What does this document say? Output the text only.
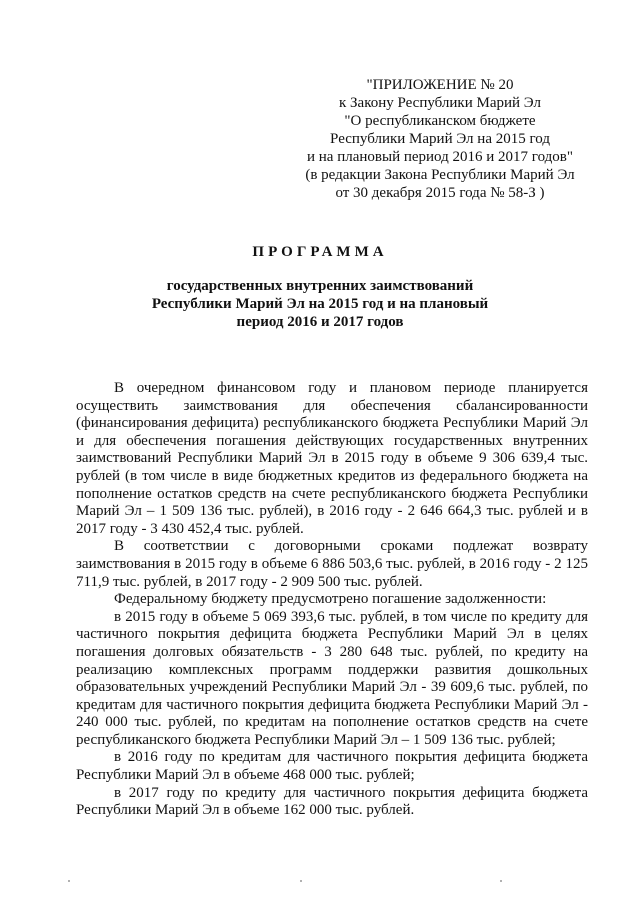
"ПРИЛОЖЕНИЕ № 20
к Закону Республики Марий Эл
"О республиканском бюджете
Республики Марий Эл на 2015 год
и на плановый период 2016 и 2017 годов"
(в редакции Закона Республики Марий Эл
от 30 декабря 2015 года № 58-З )
ПРОГРАММА
государственных внутренних заимствований
Республики Марий Эл на 2015 год и на плановый
период 2016 и 2017 годов

В очередном финансовом году и плановом периоде планируется осуществить заимствования для обеспечения сбалансированности (финансирования дефицита) республиканского бюджета Республики Марий Эл и для обеспечения погашения действующих государственных внутренних заимствований Республики Марий Эл в 2015 году в объеме 9 306 639,4 тыс. рублей (в том числе в виде бюджетных кредитов из федерального бюджета на пополнение остатков средств на счете республиканского бюджета Республики Марий Эл – 1 509 136 тыс. рублей), в 2016 году - 2 646 664,3 тыс. рублей и в 2017 году - 3 430 452,4 тыс. рублей.

В соответствии с договорными сроками подлежат возврату заимствования в 2015 году в объеме 6 886 503,6 тыс. рублей, в 2016 году - 2 125 711,9 тыс. рублей, в 2017 году - 2 909 500 тыс. рублей.

Федеральному бюджету предусмотрено погашение задолженности:

в 2015 году в объеме 5 069 393,6 тыс. рублей, в том числе по кредиту для частичного покрытия дефицита бюджета Республики Марий Эл в целях погашения долговых обязательств - 3 280 648 тыс. рублей, по кредиту на реализацию комплексных программ поддержки развития дошкольных образовательных учреждений Республики Марий Эл - 39 609,6 тыс. рублей, по кредитам для частичного покрытия дефицита бюджета Республики Марий Эл - 240 000 тыс. рублей, по кредитам на пополнение остатков средств на счете республиканского бюджета Республики Марий Эл – 1 509 136 тыс. рублей;

в 2016 году по кредитам для частичного покрытия дефицита бюджета Республики Марий Эл в объеме 468 000 тыс. рублей;

в 2017 году по кредиту для частичного покрытия дефицита бюджета Республики Марий Эл в объеме 162 000 тыс. рублей.
